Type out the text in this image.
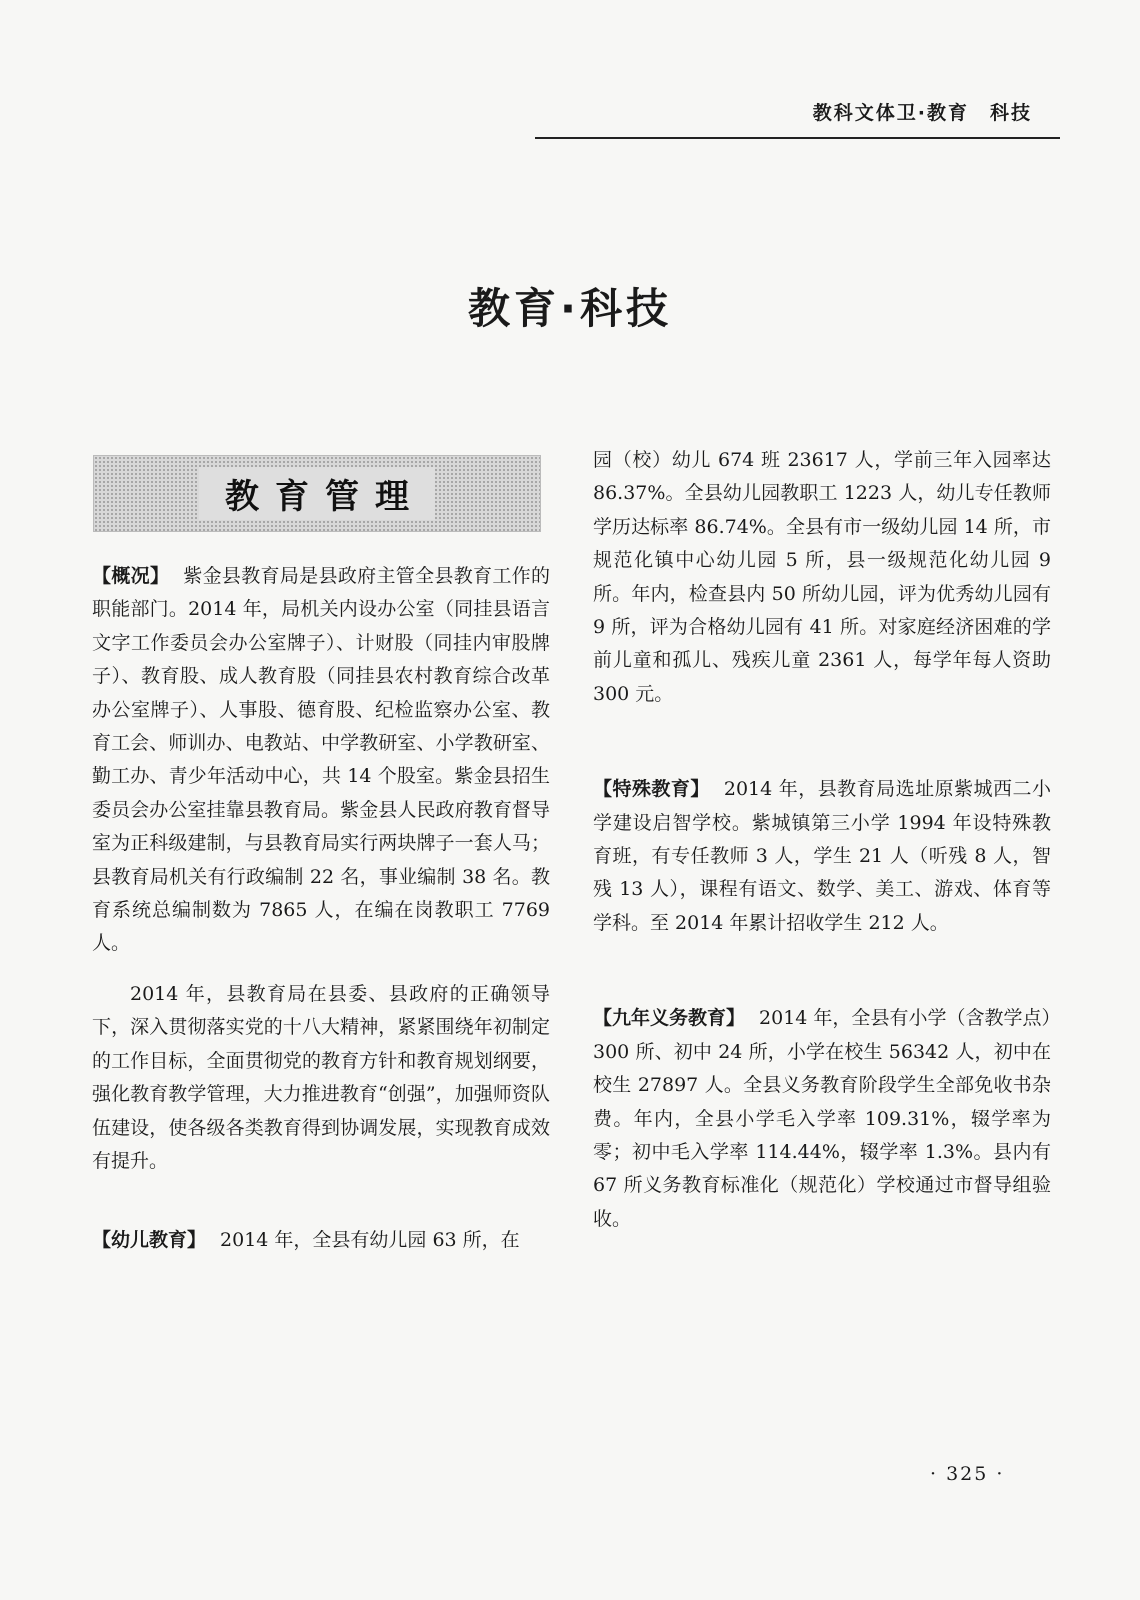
教科文体卫·教育　科技
教育·科技
教育管理

【概况】 紫金县教育局是县政府主管全县教育工作的职能部门。2014 年，局机关内设办公室（同挂县语言文字工作委员会办公室牌子）、计财股（同挂内审股牌子）、教育股、成人教育股（同挂县农村教育综合改革办公室牌子）、人事股、德育股、纪检监察办公室、教育工会、师训办、电教站、中学教研室、小学教研室、勤工办、青少年活动中心，共 14 个股室。紫金县招生委员会办公室挂靠县教育局。紫金县人民政府教育督导室为正科级建制，与县教育局实行两块牌子一套人马；县教育局机关有行政编制 22 名，事业编制 38 名。教育系统总编制数为 7865 人，在编在岗教职工 7769 人。

2014 年，县教育局在县委、县政府的正确领导下，深入贯彻落实党的十八大精神，紧紧围绕年初制定的工作目标，全面贯彻党的教育方针和教育规划纲要，强化教育教学管理，大力推进教育“创强”，加强师资队伍建设，使各级各类教育得到协调发展，实现教育成效有提升。

【幼儿教育】 2014 年，全县有幼儿园 63 所，在

园（校）幼儿 674 班 23617 人，学前三年入园率达 86.37%。全县幼儿园教职工 1223 人，幼儿专任教师学历达标率 86.74%。全县有市一级幼儿园 14 所，市规范化镇中心幼儿园 5 所，县一级规范化幼儿园 9 所。年内，检查县内 50 所幼儿园，评为优秀幼儿园有 9 所，评为合格幼儿园有 41 所。对家庭经济困难的学前儿童和孤儿、残疾儿童 2361 人，每学年每人资助 300 元。

【特殊教育】 2014 年，县教育局选址原紫城西二小学建设启智学校。紫城镇第三小学 1994 年设特殊教育班，有专任教师 3 人，学生 21 人（听残 8 人，智残 13 人），课程有语文、数学、美工、游戏、体育等学科。至 2014 年累计招收学生 212 人。

【九年义务教育】 2014 年，全县有小学（含教学点）300 所、初中 24 所，小学在校生 56342 人，初中在校生 27897 人。全县义务教育阶段学生全部免收书杂费。年内，全县小学毛入学率 109.31%，辍学率为零；初中毛入学率 114.44%，辍学率 1.3%。县内有 67 所义务教育标准化（规范化）学校通过市督导组验收。

· 325 ·
